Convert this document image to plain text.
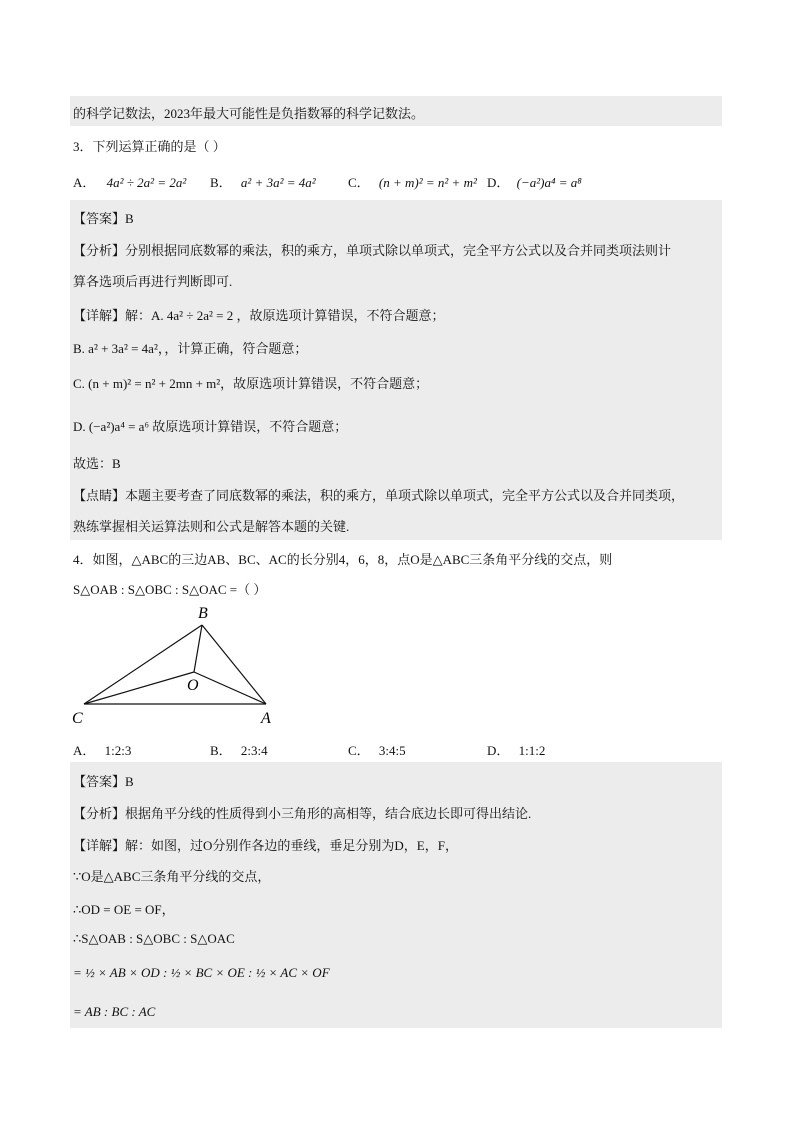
的科学记数法，2023年最大可能性是负指数幂的科学记数法。
3．下列运算正确的是（ ）
A． 4a² ÷ 2a² = 2a² B． a² + 3a² = 4a² C． (n + m)² = n² + m² D． (−a²)a⁴ = a⁸
【答案】B
【分析】分别根据同底数幂的乘法，积的乘方，单项式除以单项式，完全平方公式以及合并同类项法则计
算各选项后再进行判断即可.
【详解】解：A. 4a² ÷ 2a² = 2 ，故原选项计算错误，不符合题意；
B. a² + 3a² = 4a²，，计算正确，符合题意；
C. (n + m)² = n² + 2mn + m²，故原选项计算错误，不符合题意；
D. (−a²)a⁴ = a⁶ 故原选项计算错误，不符合题意；
故选：B
【点睛】本题主要考查了同底数幂的乘法，积的乘方，单项式除以单项式，完全平方公式以及合并同类项，
熟练掌握相关运算法则和公式是解答本题的关键.
4．如图，△ABC的三边AB、BC、AC的长分别4，6，8，点O是△ABC三条角平分线的交点，则
S△OAB : S△OBC : S△OAC =（ ）
B
O
C	A
A． 1:2:3	B． 2:3:4	C． 3:4:5	D． 1:1:2
【答案】B
【分析】根据角平分线的性质得到小三角形的高相等，结合底边长即可得出结论.
【详解】解：如图，过O分别作各边的垂线，垂足分别为D，E，F，
∵O是△ABC三条角平分线的交点，
∴OD = OE = OF，
∴S△OAB : S△OBC : S△OAC
= ½ × AB × OD : ½ × BC × OE : ½ × AC × OF
= AB : BC : AC
